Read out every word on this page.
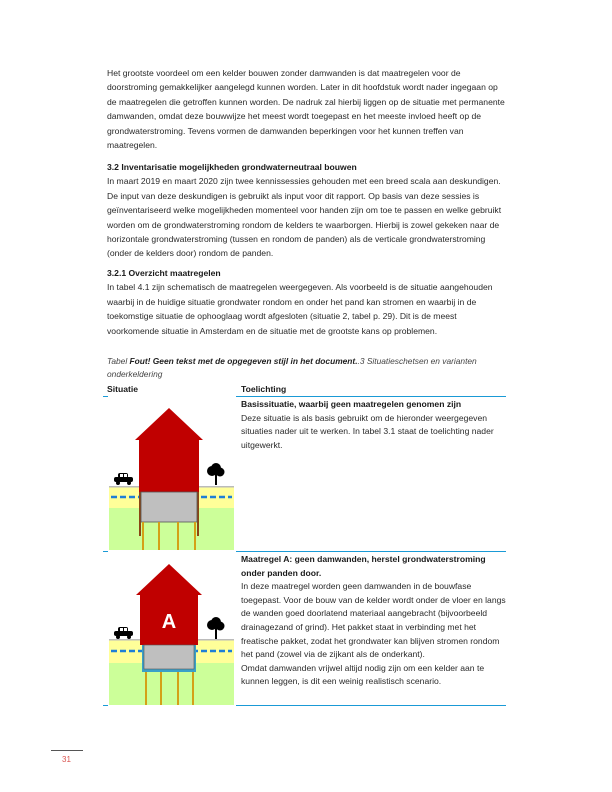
Het grootste voordeel om een kelder bouwen zonder damwanden is dat maatregelen voor de doorstroming gemakkelijker aangelegd kunnen worden. Later in dit hoofdstuk wordt nader ingegaan op de maatregelen die getroffen kunnen worden. De nadruk zal hierbij liggen op de situatie met permanente damwanden, omdat deze bouwwijze het meest wordt toegepast en het meeste invloed heeft op de grondwaterstroming. Tevens vormen de damwanden beperkingen voor het kunnen treffen van maatregelen.

3.2 Inventarisatie mogelijkheden grondwaterneutraal bouwen
In maart 2019 en maart 2020 zijn twee kennissessies gehouden met een breed scala aan deskundigen. De input van deze deskundigen is gebruikt als input voor dit rapport. Op basis van deze sessies is geïnventariseerd welke mogelijkheden momenteel voor handen zijn om toe te passen en welke gebruikt worden om de grondwaterstroming rondom de kelders te waarborgen. Hierbij is zowel gekeken naar de horizontale grondwaterstroming (tussen en rondom de panden) als de verticale grondwaterstroming (onder de kelders door) rondom de panden.
3.2.1 Overzicht maatregelen
In tabel 4.1 zijn schematisch de maatregelen weergegeven. Als voorbeeld is de situatie aangehouden waarbij in de huidige situatie grondwater rondom en onder het pand kan stromen en waarbij in de toekomstige situatie de ophooglaag wordt afgesloten (situatie 2, tabel p. 29). Dit is de meest voorkomende situatie in Amsterdam en de situatie met de grootste kans op problemen.
Tabel Fout! Geen tekst met de opgegeven stijl in het document..3 Situatieschetsen en varianten onderkeldering
Situatie	Toelichting
Basissituatie, waarbij geen maatregelen genomen zijn
Deze situatie is als basis gebruikt om de hieronder weergegeven situaties nader uit te werken. In tabel 3.1 staat de toelichting nader uitgewerkt.
A
Maatregel A: geen damwanden, herstel grondwaterstroming onder panden door.
In deze maatregel worden geen damwanden in de bouwfase toegepast. Voor de bouw van de kelder wordt onder de vloer en langs de wanden goed doorlatend materiaal aangebracht (bijvoorbeeld drainagezand of grind). Het pakket staat in verbinding met het freatische pakket, zodat het grondwater kan blijven stromen rondom het pand (zowel via de zijkant als de onderkant).
Omdat damwanden vrijwel altijd nodig zijn om een kelder aan te kunnen leggen, is dit een weinig realistisch scenario.
31
